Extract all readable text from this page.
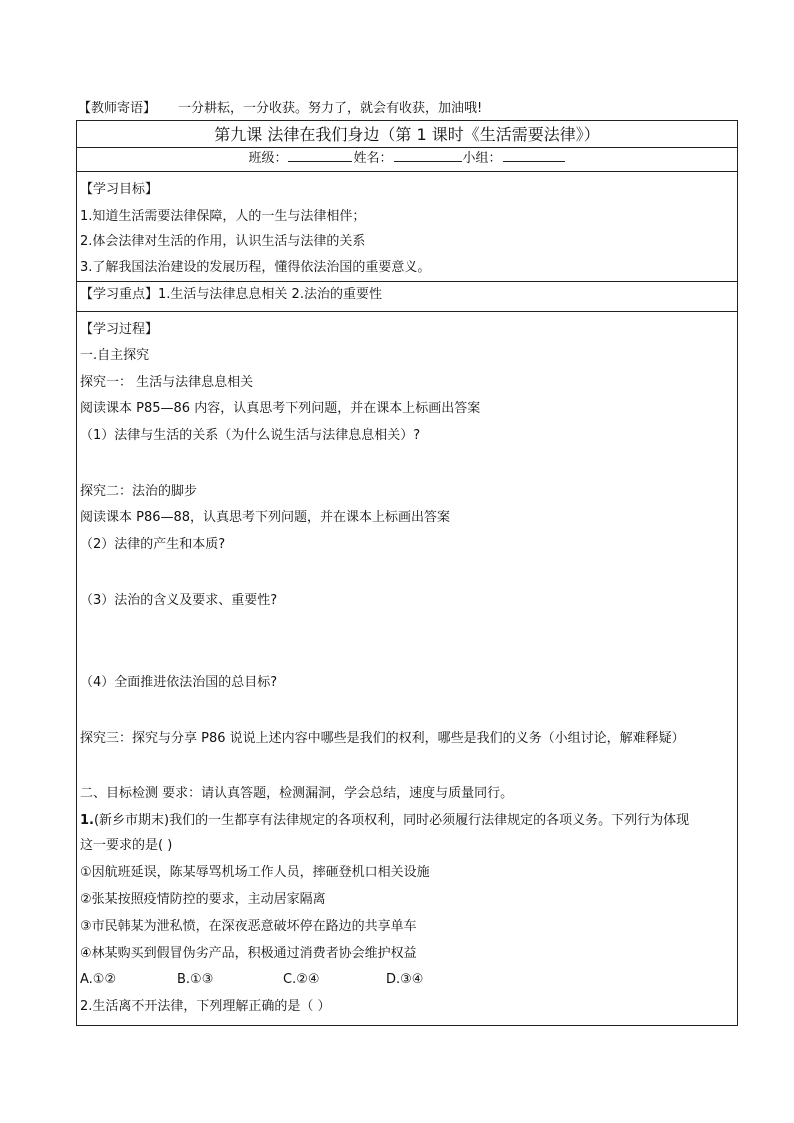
【教师寄语】 一分耕耘，一分收获。努力了，就会有收获，加油哦!
第九课 法律在我们身边（第 1 课时《生活需要法律》）
班级：	姓名：	小组：
【学习目标】
1.知道生活需要法律保障，人的一生与法律相伴；
2.体会法律对生活的作用，认识生活与法律的关系
3.了解我国法治建设的发展历程，懂得依法治国的重要意义。
【学习重点】1.生活与法律息息相关 2.法治的重要性
【学习过程】
一.自主探究
探究一： 生活与法律息息相关
阅读课本 P85—86 内容，认真思考下列问题，并在课本上标画出答案
（1）法律与生活的关系（为什么说生活与法律息息相关）?
探究二：法治的脚步
阅读课本 P86—88，认真思考下列问题，并在课本上标画出答案
（2）法律的产生和本质?
（3）法治的含义及要求、重要性?
（4）全面推进依法治国的总目标?
探究三：探究与分享 P86 说说上述内容中哪些是我们的权利，哪些是我们的义务（小组讨论，解难释疑）
二、目标检测 要求：请认真答题，检测漏洞，学会总结，速度与质量同行。
1.(新乡市期末)我们的一生都享有法律规定的各项权利，同时必须履行法律规定的各项义务。下列行为体现
这一要求的是( )
①因航班延误，陈某辱骂机场工作人员，摔砸登机口相关设施
②张某按照疫情防控的要求，主动居家隔离
③市民韩某为泄私愤，在深夜恶意破坏停在路边的共享单车
④林某购买到假冒伪劣产品，积极通过消费者协会维护权益
A.①②	B.①③	C.②④	D.③④
2.生活离不开法律，下列理解正确的是（ ）
